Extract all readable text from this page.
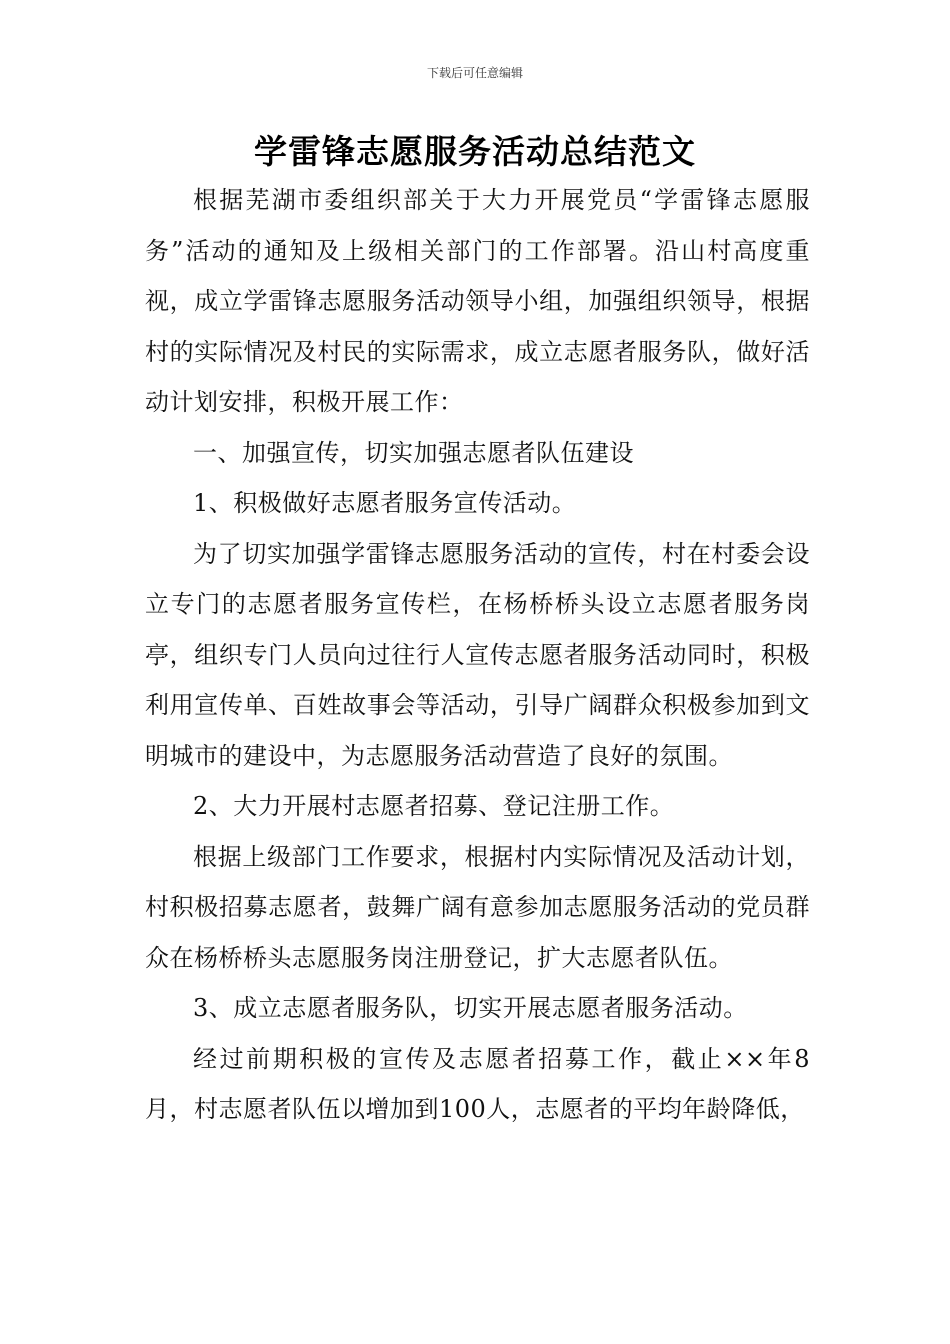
下载后可任意编辑
学雷锋志愿服务活动总结范文

根据芜湖市委组织部关于大力开展党员“学雷锋志愿服务”活动的通知及上级相关部门的工作部署。沿山村高度重视，成立学雷锋志愿服务活动领导小组，加强组织领导，根据村的实际情况及村民的实际需求，成立志愿者服务队，做好活动计划安排，积极开展工作：

一、加强宣传，切实加强志愿者队伍建设

1、积极做好志愿者服务宣传活动。

为了切实加强学雷锋志愿服务活动的宣传，村在村委会设立专门的志愿者服务宣传栏，在杨桥桥头设立志愿者服务岗亭，组织专门人员向过往行人宣传志愿者服务活动同时，积极利用宣传单、百姓故事会等活动，引导广阔群众积极参加到文明城市的建设中，为志愿服务活动营造了良好的氛围。

2、大力开展村志愿者招募、登记注册工作。

根据上级部门工作要求，根据村内实际情况及活动计划，村积极招募志愿者，鼓舞广阔有意参加志愿服务活动的党员群众在杨桥桥头志愿服务岗注册登记，扩大志愿者队伍。

3、成立志愿者服务队，切实开展志愿者服务活动。

经过前期积极的宣传及志愿者招募工作，截止××年8月，村志愿者队伍以增加到100人，志愿者的平均年龄降低，
